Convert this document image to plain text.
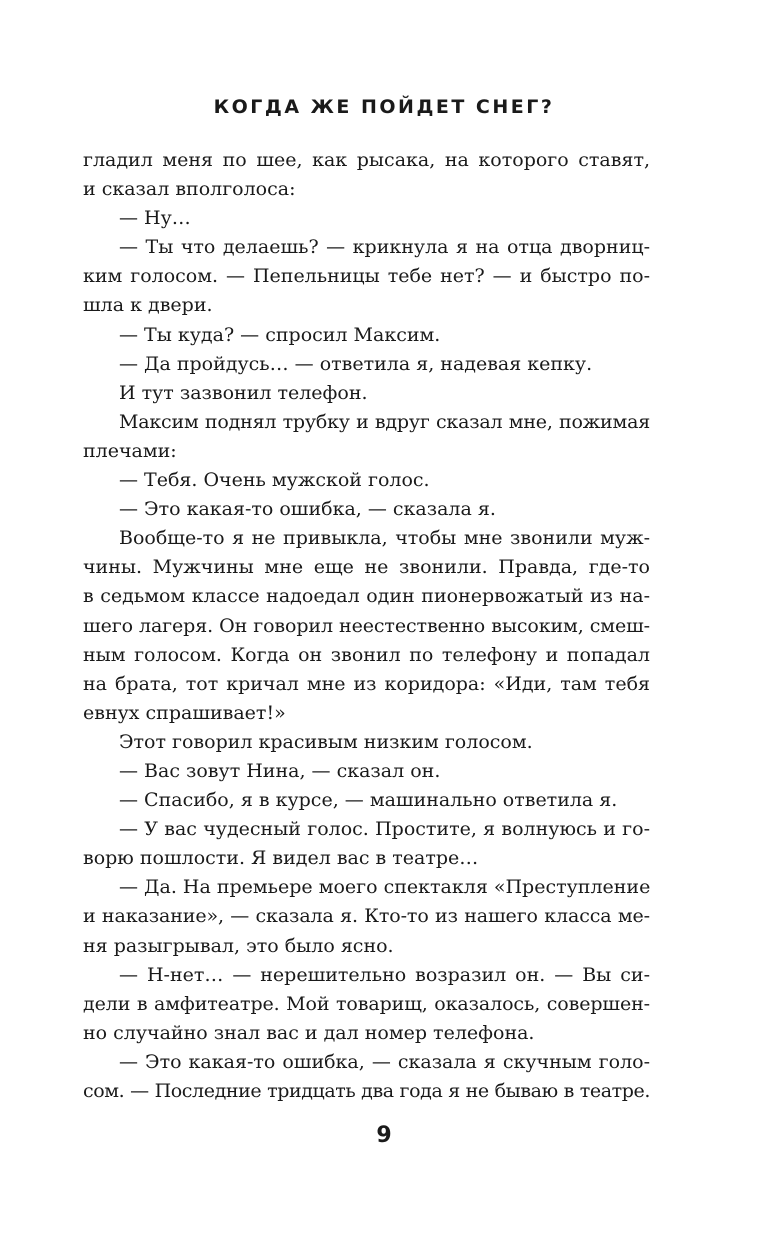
КОГДА ЖЕ ПОЙДЕТ СНЕГ?
гладил меня по шее, как рысака, на которого ставят,
и сказал вполголоса:
— Ну…
— Ты что делаешь? — крикнула я на отца дворниц-
ким голосом. — Пепельницы тебе нет? — и быстро по-
шла к двери.
— Ты куда? — спросил Максим.
— Да пройдусь… — ответила я, надевая кепку.
И тут зазвонил телефон.
Максим поднял трубку и вдруг сказал мне, пожимая
плечами:
— Тебя. Очень мужской голос.
— Это какая-то ошибка, — сказала я.
Вообще-то я не привыкла, чтобы мне звонили муж-
чины. Мужчины мне еще не звонили. Правда, где-то
в седьмом классе надоедал один пионервожатый из на-
шего лагеря. Он говорил неестественно высоким, смеш-
ным голосом. Когда он звонил по телефону и попадал
на брата, тот кричал мне из коридора: «Иди, там тебя
евнух спрашивает!»
Этот говорил красивым низким голосом.
— Вас зовут Нина, — сказал он.
— Спасибо, я в курсе, — машинально ответила я.
— У вас чудесный голос. Простите, я волнуюсь и го-
ворю пошлости. Я видел вас в театре…
— Да. На премьере моего спектакля «Преступление
и наказание», — сказала я. Кто-то из нашего класса ме-
ня разыгрывал, это было ясно.
— Н-нет… — нерешительно возразил он. — Вы си-
дели в амфитеатре. Мой товарищ, оказалось, совершен-
но случайно знал вас и дал номер телефона.
— Это какая-то ошибка, — сказала я скучным голо-
сом. — Последние тридцать два года я не бываю в театре.
9
